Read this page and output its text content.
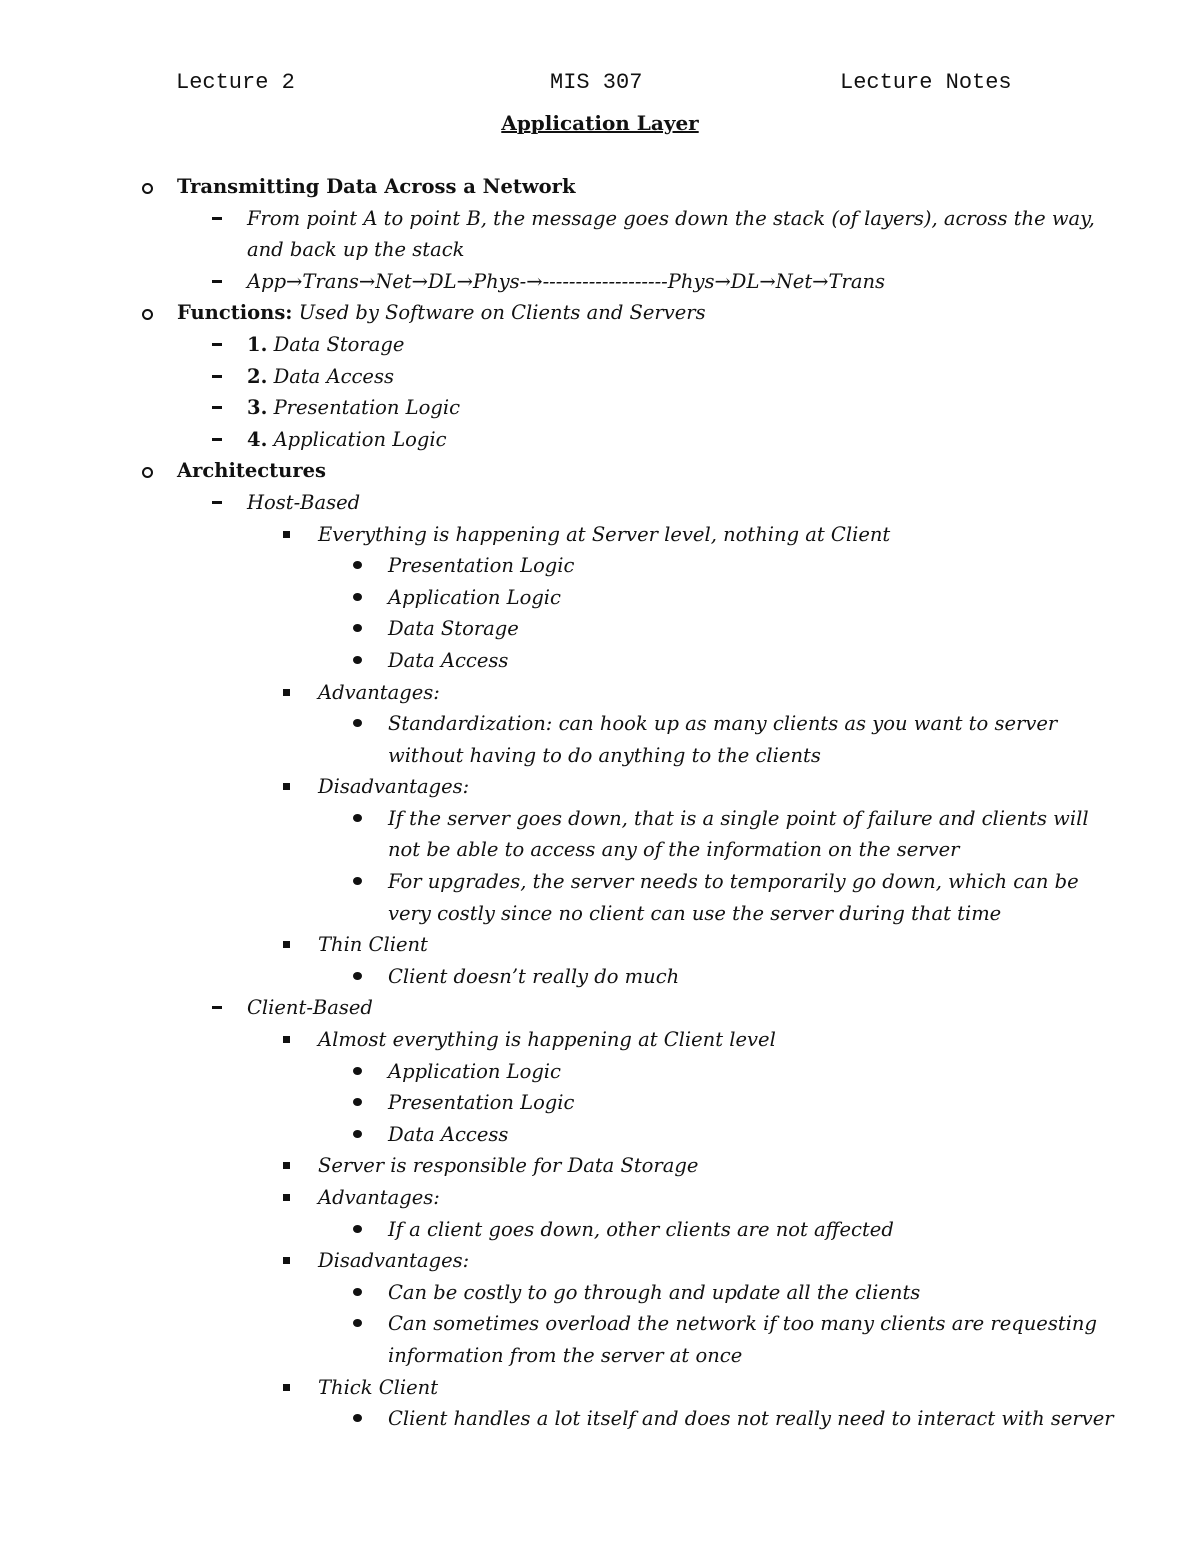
Lecture 2	MIS 307	Lecture Notes
Application Layer
Transmitting Data Across a Network
From point A to point B, the message goes down the stack (of layers), across the way,
and back up the stack
App→Trans→Net→DL→Phys-→-------------------Phys→DL→Net→Trans
Functions: Used by Software on Clients and Servers
1. Data Storage
2. Data Access
3. Presentation Logic
4. Application Logic
Architectures
Host-Based
Everything is happening at Server level, nothing at Client
Presentation Logic
Application Logic
Data Storage
Data Access
Advantages:
Standardization: can hook up as many clients as you want to server
without having to do anything to the clients
Disadvantages:
If the server goes down, that is a single point of failure and clients will
not be able to access any of the information on the server
For upgrades, the server needs to temporarily go down, which can be
very costly since no client can use the server during that time
Thin Client
Client doesn’t really do much
Client-Based
Almost everything is happening at Client level
Application Logic
Presentation Logic
Data Access
Server is responsible for Data Storage
Advantages:
If a client goes down, other clients are not affected
Disadvantages:
Can be costly to go through and update all the clients
Can sometimes overload the network if too many clients are requesting
information from the server at once
Thick Client
Client handles a lot itself and does not really need to interact with server
